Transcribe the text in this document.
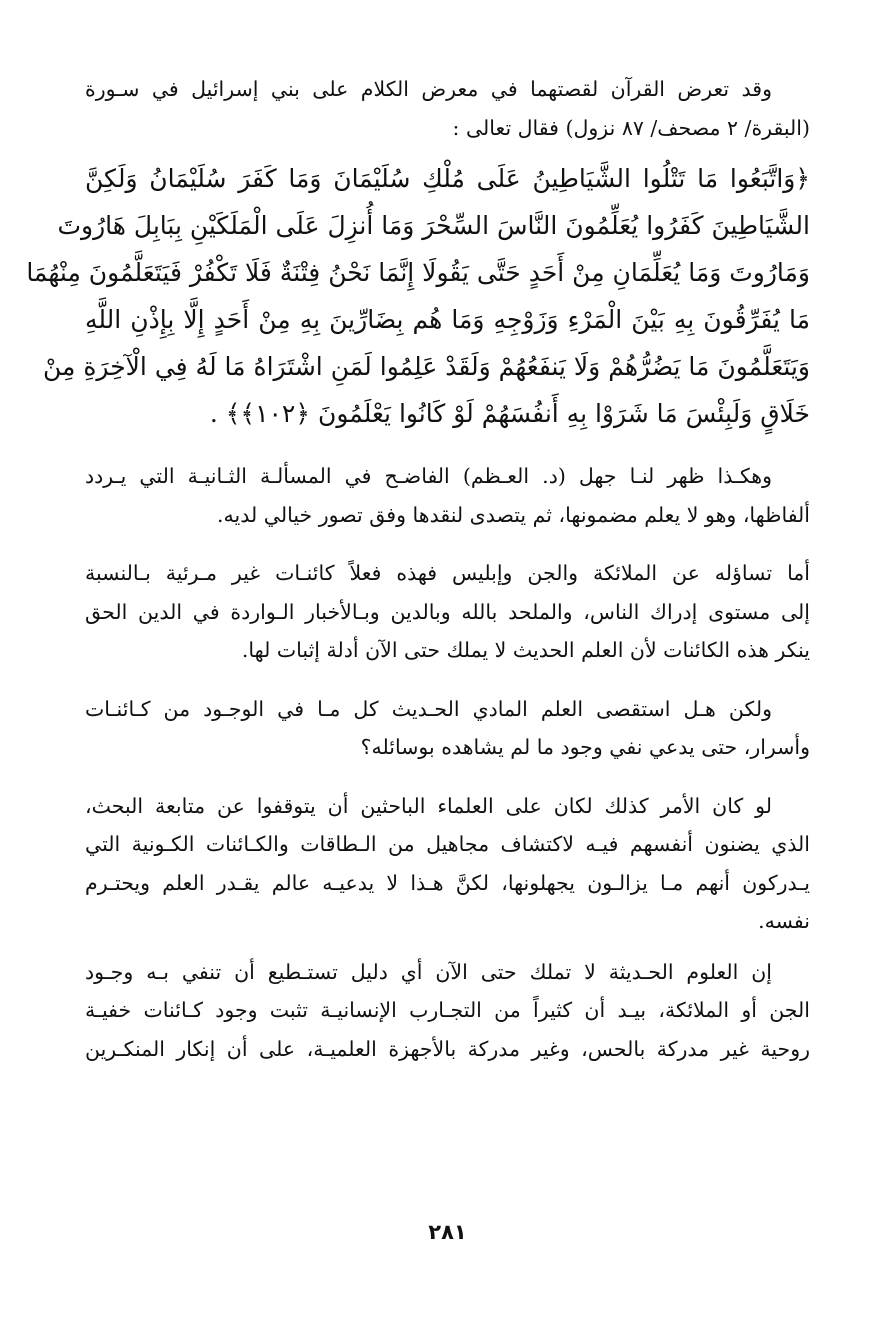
وقد تعرض القرآن لقصتهما في معرض الكلام على بني إسرائيل في سـورة
(البقرة/ ٢ مصحف/ ٨٧ نزول) فقال تعالى :

﴿وَاتَّبَعُوا مَا تَتْلُوا الشَّيَاطِينُ عَلَى مُلْكِ سُلَيْمَانَ وَمَا كَفَرَ سُلَيْمَانُ وَلَكِنَّ
الشَّيَاطِينَ كَفَرُوا يُعَلِّمُونَ النَّاسَ السِّحْرَ وَمَا أُنزِلَ عَلَى الْمَلَكَيْنِ بِبَابِلَ هَارُوتَ
وَمَارُوتَ وَمَا يُعَلِّمَانِ مِنْ أَحَدٍ حَتَّى يَقُولَا إِنَّمَا نَحْنُ فِتْنَةٌ فَلَا تَكْفُرْ فَيَتَعَلَّمُونَ مِنْهُمَا
مَا يُفَرِّقُونَ بِهِ بَيْنَ الْمَرْءِ وَزَوْجِهِ وَمَا هُم بِضَارِّينَ بِهِ مِنْ أَحَدٍ إِلَّا بِإِذْنِ اللَّهِ
وَيَتَعَلَّمُونَ مَا يَضُرُّهُمْ وَلَا يَنفَعُهُمْ وَلَقَدْ عَلِمُوا لَمَنِ اشْتَرَاهُ مَا لَهُ فِي الْآخِرَةِ مِنْ
خَلَاقٍ وَلَبِئْسَ مَا شَرَوْا بِهِ أَنفُسَهُمْ لَوْ كَانُوا يَعْلَمُونَ ﴿١٠٢﴾﴾ .

وهكـذا ظهر لنـا جهل (د. العـظم) الفاضـح في المسألـة الثـانيـة التي يـردد
ألفاظها، وهو لا يعلم مضمونها، ثم يتصدى لنقدها وفق تصور خيالي لديه.

أما تساؤله عن الملائكة والجن وإبليس فهذه فعلاً كائنـات غير مـرئية بـالنسبة
إلى مستوى إدراك الناس، والملحد بالله وبالدين وبـالأخبار الـواردة في الدين الحق
ينكر هذه الكائنات لأن العلم الحديث لا يملك حتى الآن أدلة إثبات لها.

ولكن هـل استقصى العلم المادي الحـديث كل مـا في الوجـود من كـائنـات
وأسرار، حتى يدعي نفي وجود ما لم يشاهده بوسائله؟

لو كان الأمر كذلك لكان على العلماء الباحثين أن يتوقفوا عن متابعة البحث،
الذي يضنون أنفسهم فيـه لاكتشاف مجاهيل من الـطاقات والكـائنات الكـونية التي
يـدركون أنهم مـا يزالـون يجهلونها، لكنَّ هـذا لا يدعيـه عالم يقـدر العلم ويحتـرم
نفسه.

إن العلوم الحـديثة لا تملك حتى الآن أي دليل تستـطيع أن تنفي بـه وجـود
الجن أو الملائكة، بيـد أن كثيراً من التجـارب الإنسانيـة تثبت وجود كـائنات خفيـة
روحية غير مدركة بالحس، وغير مدركة بالأجهزة العلميـة، على أن إنكار المنكـرين

٢٨١
